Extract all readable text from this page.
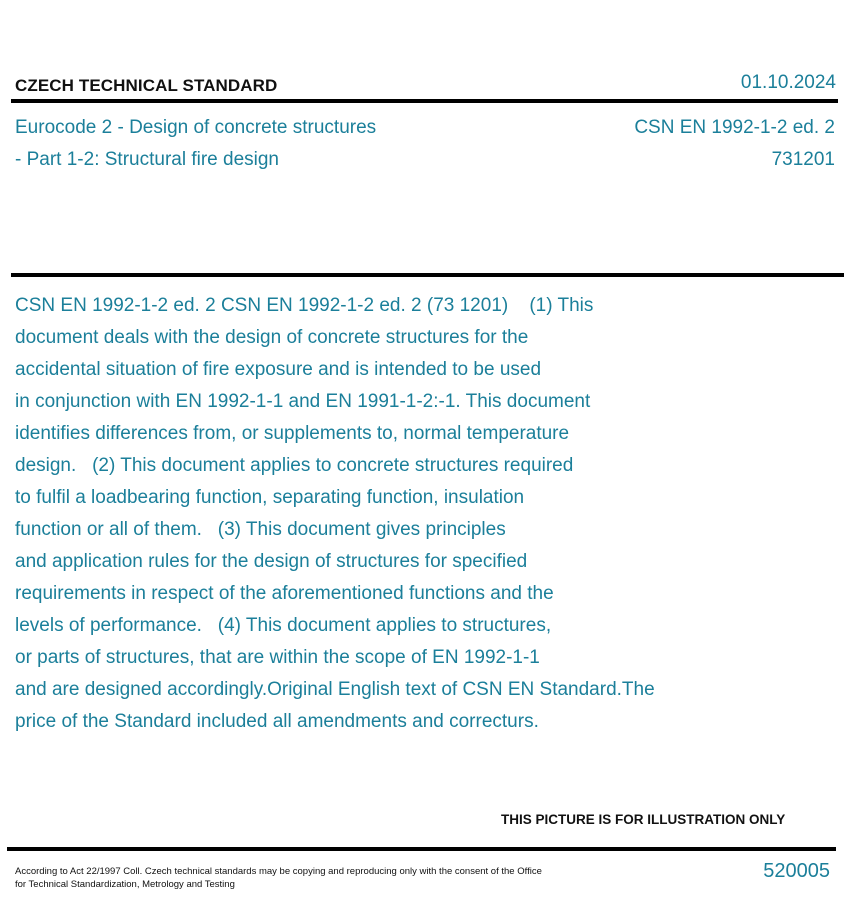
CZECH TECHNICAL STANDARD	01.10.2024
Eurocode 2 - Design of concrete structures
- Part 1-2: Structural fire design
CSN EN 1992-1-2 ed. 2
731201
CSN EN 1992-1-2 ed. 2 CSN EN 1992-1-2 ed. 2 (73 1201)    (1) This
document deals with the design of concrete structures for the
accidental situation of fire exposure and is intended to be used
in conjunction with EN 1992-1-1 and EN 1991-1-2:-1. This document
identifies differences from, or supplements to, normal temperature
design.   (2) This document applies to concrete structures required
to fulfil a loadbearing function, separating function, insulation
function or all of them.   (3) This document gives principles
and application rules for the design of structures for specified
requirements in respect of the aforementioned functions and the
levels of performance.   (4) This document applies to structures,
or parts of structures, that are within the scope of EN 1992-1-1
and are designed accordingly.Original English text of CSN EN Standard.The
price of the Standard included all amendments and correcturs.
THIS PICTURE IS FOR ILLUSTRATION ONLY
According to Act 22/1997 Coll. Czech technical standards may be copying and reproducing only with the consent of the Office
for Technical Standardization, Metrology and Testing
520005
